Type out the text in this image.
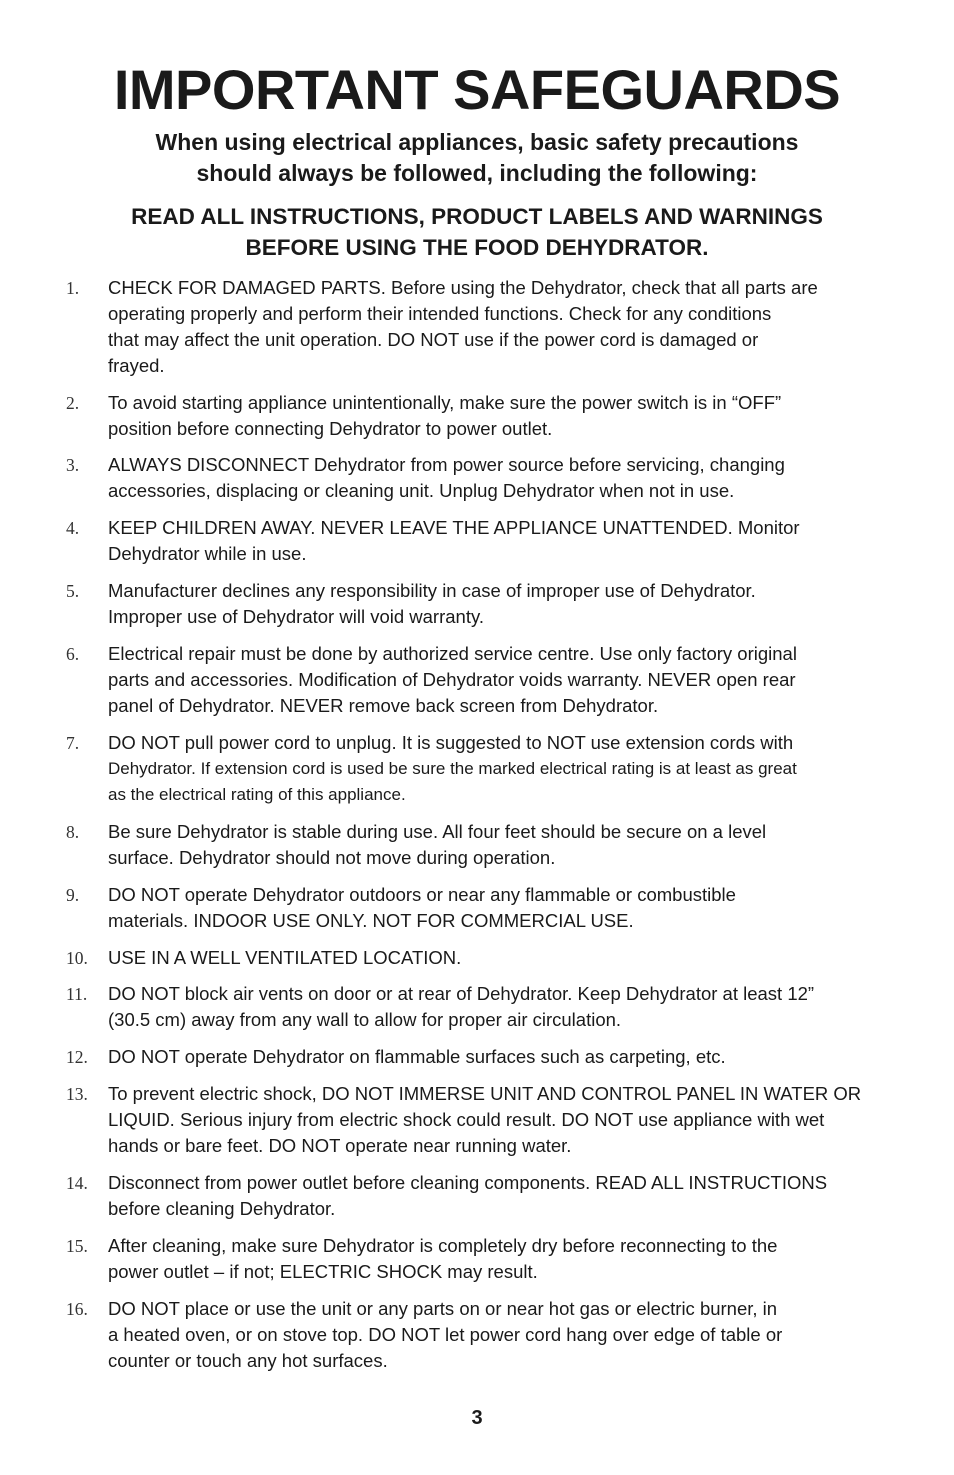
IMPORTANT SAFEGUARDS
When using electrical appliances, basic safety precautions
should always be followed, including the following:
READ ALL INSTRUCTIONS, PRODUCT LABELS AND WARNINGS
BEFORE USING THE FOOD DEHYDRATOR.
1. CHECK FOR DAMAGED PARTS. Before using the Dehydrator, check that all parts are
operating properly and perform their intended functions. Check for any conditions
that may affect the unit operation. DO NOT use if the power cord is damaged or
frayed.
2. To avoid starting appliance unintentionally, make sure the power switch is in “OFF”
position before connecting Dehydrator to power outlet.
3. ALWAYS DISCONNECT Dehydrator from power source before servicing, changing
accessories, displacing or cleaning unit. Unplug Dehydrator when not in use.
4. KEEP CHILDREN AWAY. NEVER LEAVE THE APPLIANCE UNATTENDED. Monitor
Dehydrator while in use.
5. Manufacturer declines any responsibility in case of improper use of Dehydrator.
Improper use of Dehydrator will void warranty.
6. Electrical repair must be done by authorized service centre. Use only factory original
parts and accessories. Modification of Dehydrator voids warranty. NEVER open rear
panel of Dehydrator. NEVER remove back screen from Dehydrator.
7. DO NOT pull power cord to unplug. It is suggested to NOT use extension cords with
Dehydrator. If extension cord is used be sure the marked electrical rating is at least as great
as the electrical rating of this appliance.
8. Be sure Dehydrator is stable during use. All four feet should be secure on a level
surface. Dehydrator should not move during operation.
9. DO NOT operate Dehydrator outdoors or near any flammable or combustible
materials. INDOOR USE ONLY. NOT FOR COMMERCIAL USE.
10. USE IN A WELL VENTILATED LOCATION.
11. DO NOT block air vents on door or at rear of Dehydrator. Keep Dehydrator at least 12”
(30.5 cm) away from any wall to allow for proper air circulation.
12. DO NOT operate Dehydrator on flammable surfaces such as carpeting, etc.
13. To prevent electric shock, DO NOT IMMERSE UNIT AND CONTROL PANEL IN WATER OR
LIQUID. Serious injury from electric shock could result. DO NOT use appliance with wet
hands or bare feet. DO NOT operate near running water.
14. Disconnect from power outlet before cleaning components. READ ALL INSTRUCTIONS
before cleaning Dehydrator.
15. After cleaning, make sure Dehydrator is completely dry before reconnecting to the
power outlet – if not; ELECTRIC SHOCK may result.
16. DO NOT place or use the unit or any parts on or near hot gas or electric burner, in
a heated oven, or on stove top. DO NOT let power cord hang over edge of table or
counter or touch any hot surfaces.
3
